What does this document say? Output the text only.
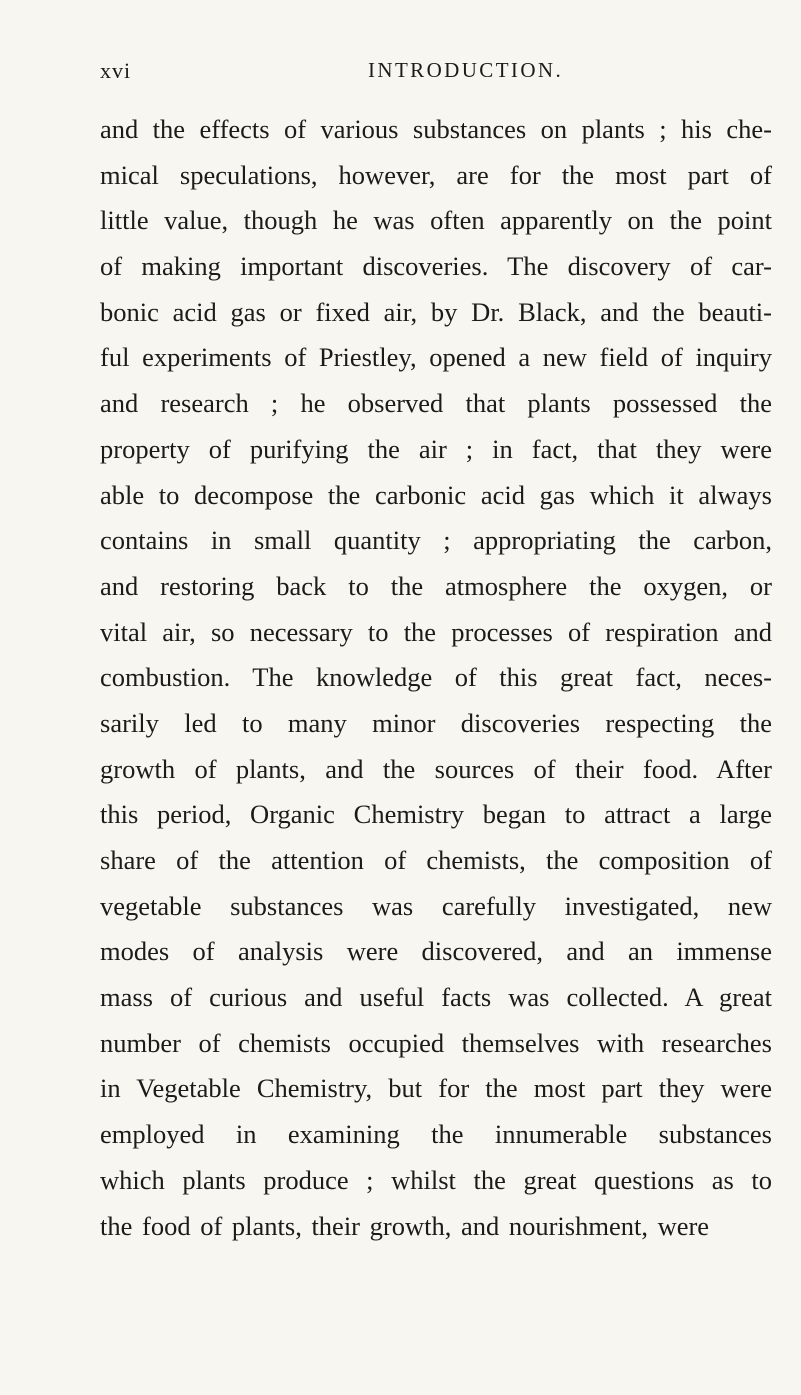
xvi	INTRODUCTION.
and the effects of various substances on plants ; his che-
mical speculations, however, are for the most part of
little value, though he was often apparently on the point
of making important discoveries. The discovery of car-
bonic acid gas or fixed air, by Dr. Black, and the beauti-
ful experiments of Priestley, opened a new field of inquiry
and research ; he observed that plants possessed the
property of purifying the air ; in fact, that they were
able to decompose the carbonic acid gas which it always
contains in small quantity ; appropriating the carbon,
and restoring back to the atmosphere the oxygen, or
vital air, so necessary to the processes of respiration and
combustion. The knowledge of this great fact, neces-
sarily led to many minor discoveries respecting the
growth of plants, and the sources of their food. After
this period, Organic Chemistry began to attract a large
share of the attention of chemists, the composition of
vegetable substances was carefully investigated, new
modes of analysis were discovered, and an immense
mass of curious and useful facts was collected. A great
number of chemists occupied themselves with researches
in Vegetable Chemistry, but for the most part they were
employed in examining the innumerable substances
which plants produce ; whilst the great questions as to
the food of plants, their growth, and nourishment, were
